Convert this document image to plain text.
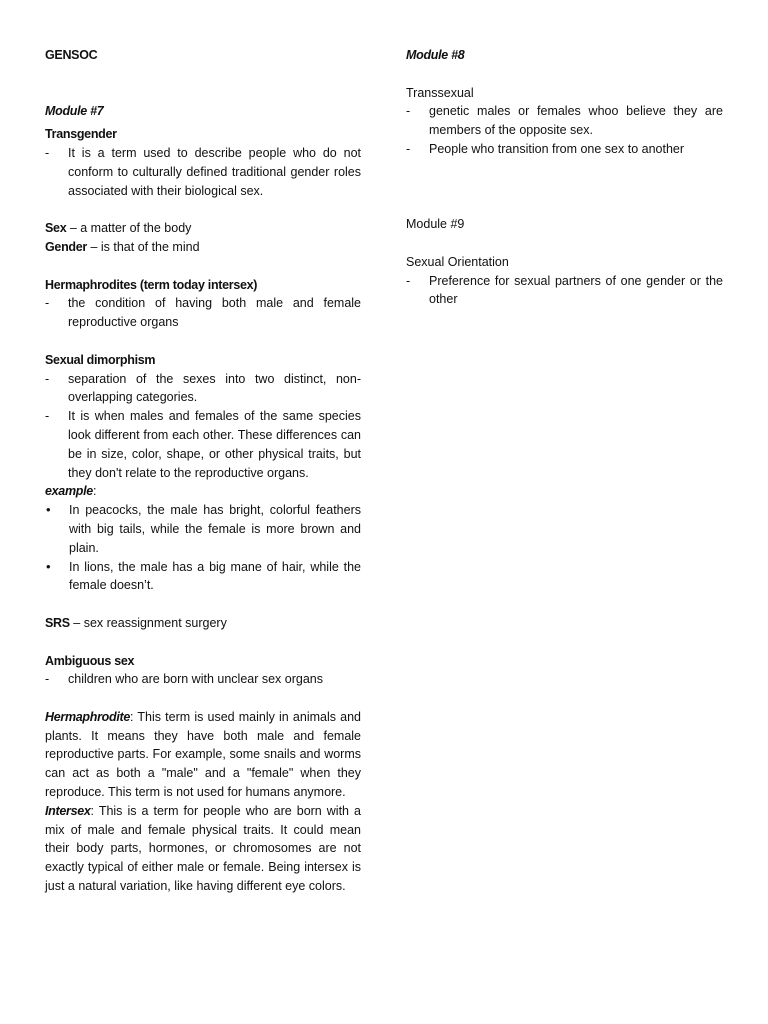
GENSOC

Module #7

Transgender

-	It is a term used to describe people who do not conform to culturally defined traditional gender roles associated with their biological sex.

Sex – a matter of the body

Gender – is that of the mind

Hermaphrodites (term today intersex)

-	the condition of having both male and female reproductive organs

Sexual dimorphism

-	separation of the sexes into two distinct, non-overlapping categories.
-	It is when males and females of the same species look different from each other. These differences can be in size, color, shape, or other physical traits, but they don't relate to the reproductive organs.

example:

•	In peacocks, the male has bright, colorful feathers with big tails, while the female is more brown and plain.
•	In lions, the male has a big mane of hair, while the female doesn’t.

SRS – sex reassignment surgery

Ambiguous sex

-	children who are born with unclear sex organs

Hermaphrodite: This term is used mainly in animals and plants. It means they have both male and female reproductive parts. For example, some snails and worms can act as both a "male" and a "female" when they reproduce. This term is not used for humans anymore.

Intersex: This is a term for people who are born with a mix of male and female physical traits. It could mean their body parts, hormones, or chromosomes are not exactly typical of either male or female. Being intersex is just a natural variation, like having different eye colors.

Module #8

Transsexual

-	genetic males or females whoo believe they are members of the opposite sex.
-	People who transition from one sex to another

Module #9

Sexual Orientation

-	Preference for sexual partners of one gender or the other
